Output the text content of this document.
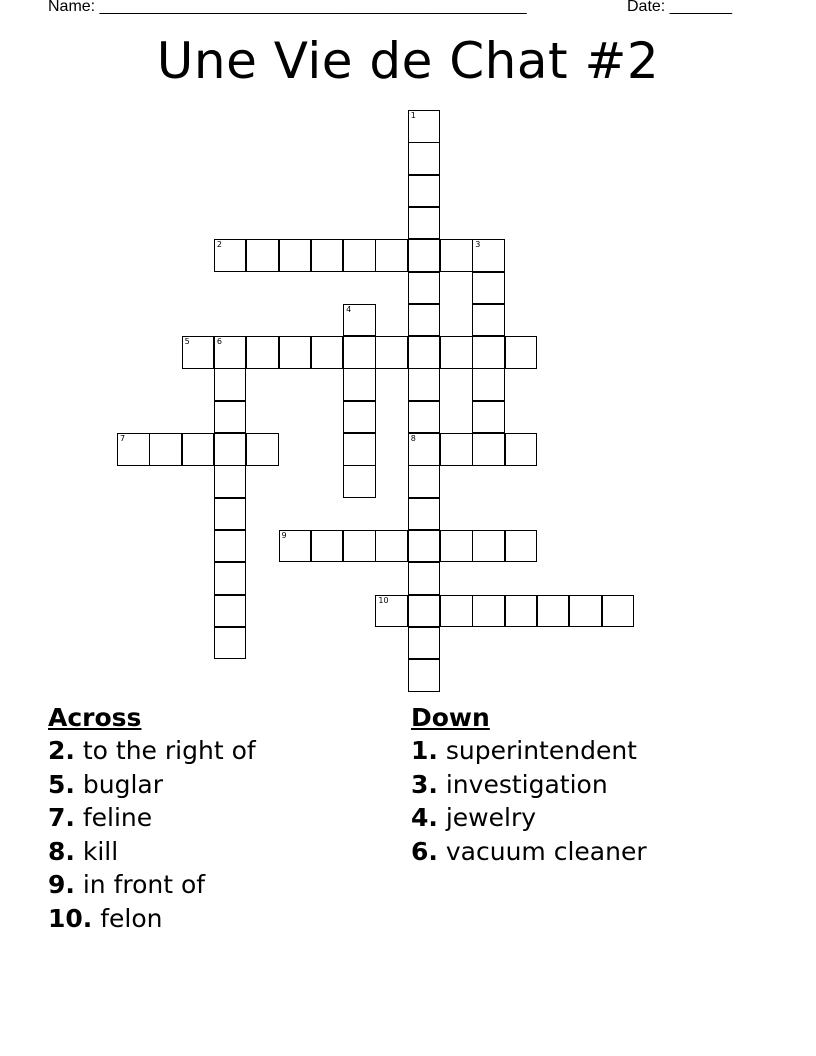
Name: ________________________________________________	Date: _______
Une Vie de Chat #2
1
8
2	3
4
5	6
7
9
10

Across

2. to the right of

5. buglar

7. feline

8. kill

9. in front of

10. felon

Down

1. superintendent

3. investigation

4. jewelry

6. vacuum cleaner
